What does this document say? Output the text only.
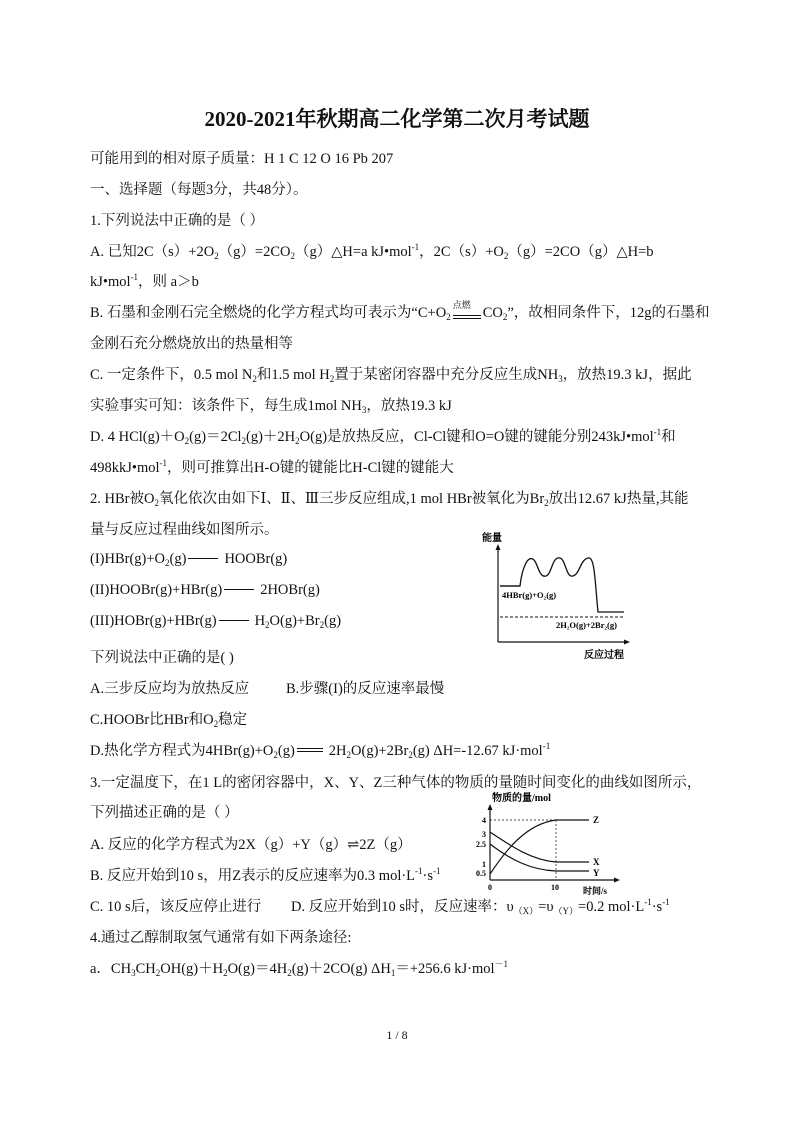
2020-2021年秋期高二化学第二次月考试题
可能用到的相对原子质量：H 1 C 12 O 16 Pb 207
一、选择题（每题3分，共48分）。
1.下列说法中正确的是（ ）
A. 已知$2C(s)+2O_2(g)=2CO_2(g)\triangle H=a$ kJ•mol$^{-1}$，$2C(s)+O_2(g)=2CO(g)\triangle H=b$
kJ•mol$^{-1}$，则 a＞b
B. 石墨和金刚石完全燃烧的化学方程式均可表示为“$C+O_2$
点燃 $CO_2$”，故相同条件下，12g的石墨和
金刚石充分燃烧放出的热量相等
C. 一定条件下，0.5 mol $N_2$和1.5 mol $H_2$置于某密闭容器中充分反应生成$NH_3$，放热19.3 kJ，据此
实验事实可知：该条件下，每生成1mol $NH_3$，放热19.3 kJ
D. 4 $HCl(g)+O_2(g)=2Cl_2(g)+2H_2O(g)$是放热反应，Cl-Cl键和O=O键的键能分别243kJ•mol$^{-1}$和
498kkJ•mol$^{-1}$，则可推算出H-O键的键能比H-Cl键的键能大
2. HBr被$O_2$氧化依次由如下Ⅰ、Ⅱ、Ⅲ三步反应组成,1 mol HBr被氧化为$Br_2$放出12.67 kJ热量,其能
量与反应过程曲线如图所示。
$(I)HBr(g)+O_2(g)$	HOOBr(g)
(II)HOOBr(g)+HBr(g)	2HOBr(g)
(III)HOBr(g)+HBr(g)	$H_2O(g)+Br_2(g)$
下列说法中正确的是( )
A.三步反应均为放热反应	B.步骤(I)的反应速率最慢
C.HOOBr比HBr和$O_2$稳定
D.热化学方程式为$4HBr(g)+O_2(g)$ $2H_2O(g)+2Br_2(g)$ ΔH=-12.67 kJ·mol$^{-1}$
能量
4HBr(g)+O₂(g)
2H₂O(g)+2Br₂(g)
反应过程
3.一定温度下，在1 L的密闭容器中，X、Y、Z三种气体的物质的量随时间变化的曲线如图所示，
下列描述正确的是（ ）
A. 反应的化学方程式为2X（g）+Y（g）⇌2Z（g）
B. 反应开始到10 s，用Z表示的反应速率为0.3 $mol\cdot L^{-1}\cdot s^{-1}$
C. 10 s后，该反应停止进行 D. 反应开始到10 s时，反应速率：$\upsilon_{(X)}=\upsilon_{(Y)}=0.2$ $mol\cdot L^{-1}\cdot s^{-1}$
物质的量/mol
4
3
2.5
1
0.5
0	10	时间/s
Z
X
Y
4.通过乙醇制取氢气通常有如下两条途径:
a．$CH_3CH_2OH(g)+H_2O(g)=4H_2(g)+2CO(g)$ $\Delta H_1=+256.6$ kJ·mol$^{-1}$
1 / 8
